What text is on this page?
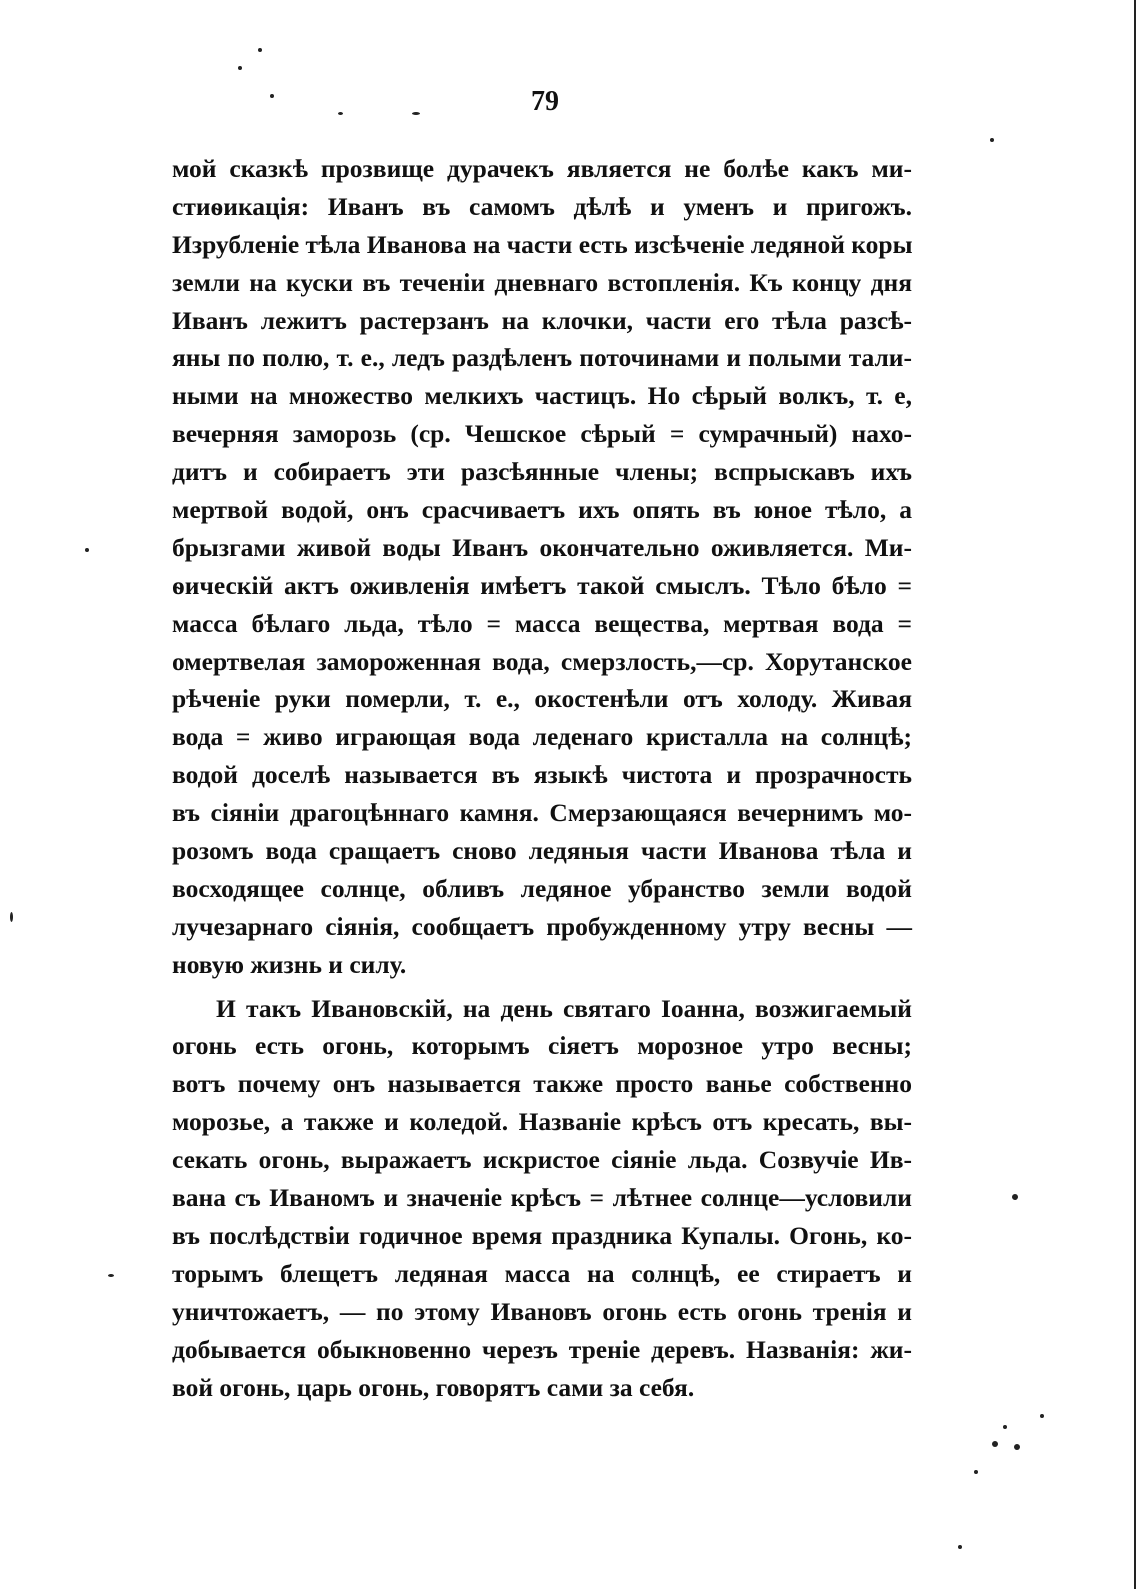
79
мой сказкѣ прозвище дурачекъ является не болѣе какъ ми-
стиѳикація: Иванъ въ самомъ дѣлѣ и уменъ и пригожъ.
Изрубленіе тѣла Иванова на части есть изсѣченіе ледяной коры
земли на куски въ теченіи дневнаго встопленія. Къ концу дня
Иванъ лежитъ растерзанъ на клочки, части его тѣла разсѣ-
яны по полю, т. е., ледъ раздѣленъ поточинами и полыми тали-
ными на множество мелкихъ частицъ. Но сѣрый волкъ, т. е,
вечерняя заморозь (ср. Чешское сѣрый = сумрачный) нахо-
дитъ и собираетъ эти разсѣянные члены; вспрыскавъ ихъ
мертвой водой, онъ срасчиваетъ ихъ опять въ юное тѣло, а
брызгами живой воды Иванъ окончательно оживляется. Ми-
ѳическій актъ оживленія имѣетъ такой смыслъ. Тѣло бѣло =
масса бѣлаго льда, тѣло = масса вещества, мертвая вода =
омертвелая замороженная вода, смерзлость,—ср. Хорутанское
рѣченіе руки померли, т. е., окостенѣли отъ холоду. Живая
вода = живо играющая вода леденаго кристалла на солнцѣ;
водой доселѣ называется въ языкѣ чистота и прозрачность
въ сіяніи драгоцѣннаго камня. Смерзающаяся вечернимъ мо-
розомъ вода сращаетъ сново ледяныя части Иванова тѣла и
восходящее солнце, обливъ ледяное убранство земли водой
лучезарнаго сіянія, сообщаетъ пробужденному утру весны —
новую жизнь и силу.
И такъ Ивановскій, на день святаго Іоанна, возжигаемый
огонь есть огонь, которымъ сіяетъ морозное утро весны;
вотъ почему онъ называется также просто ванье собственно
морозье, а также и коледой. Названіе крѣсъ отъ кресать, вы-
секать огонь, выражаетъ искристое сіяніе льда. Созвучіе Ив-
вана съ Иваномъ и значеніе крѣсъ = лѣтнее солнце—условили
въ послѣдствіи годичное время праздника Купалы. Огонь, ко-
торымъ блещетъ ледяная масса на солнцѣ, ее стираетъ и
уничтожаетъ, — по этому Ивановъ огонь есть огонь тренія и
добывается обыкновенно черезъ треніе деревъ. Названія: жи-
вой огонь, царь огонь, говорятъ сами за себя.
